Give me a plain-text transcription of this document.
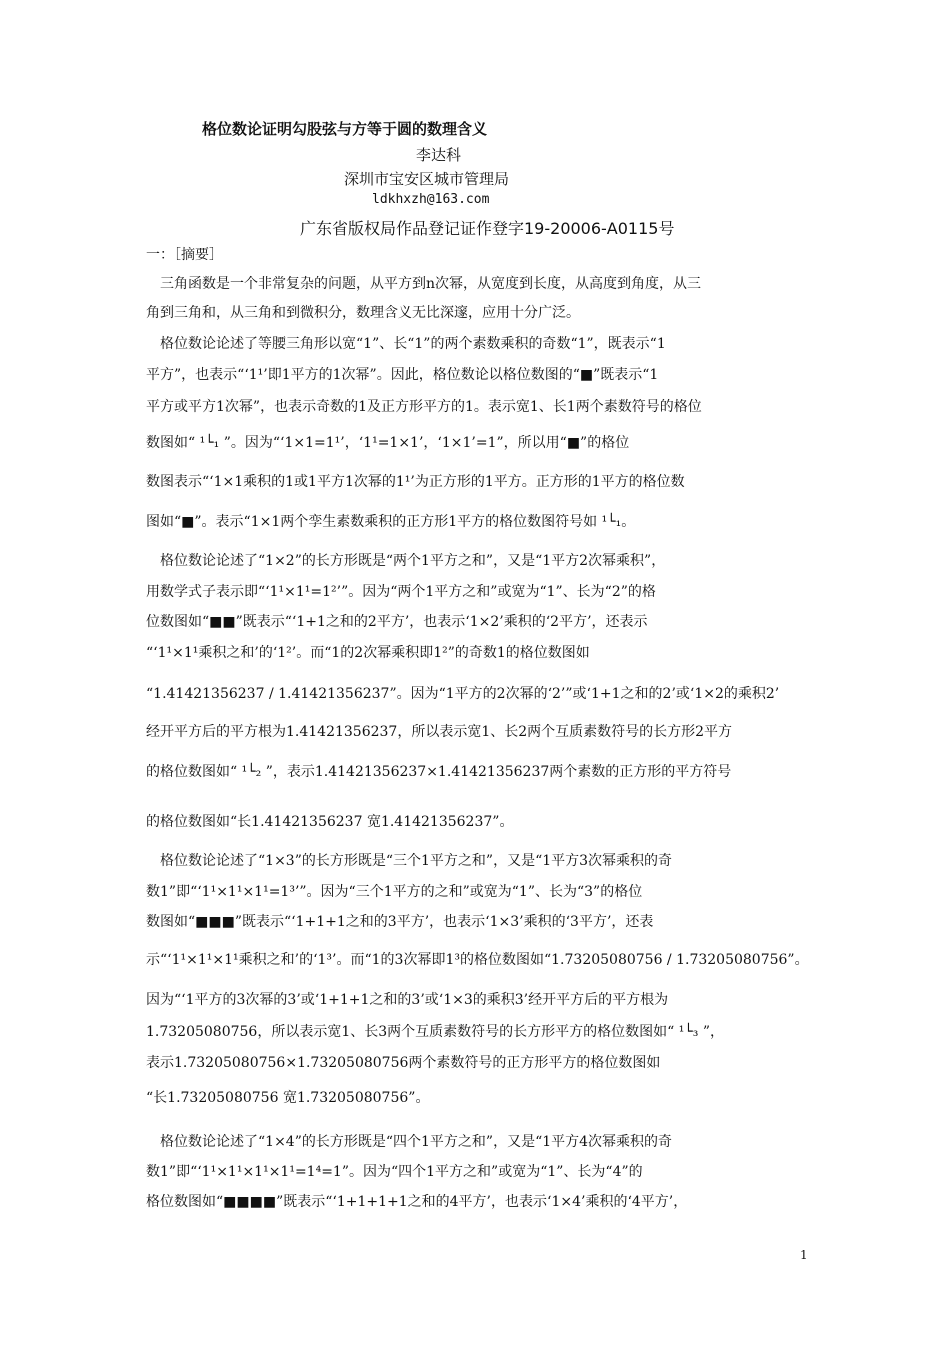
格位数论证明勾股弦与方等于圆的数理含义
李达科
深圳市宝安区城市管理局
ldkhxzh@163.com
广东省版权局作品登记证作登字19-20006-A0115号
一：［摘要］
三角函数是一个非常复杂的问题，从平方到n次幂，从宽度到长度，从高度到角度，从三
角到三角和，从三角和到微积分，数理含义无比深邃，应用十分广泛。
格位数论论述了等腰三角形以宽“1”、长“1”的两个素数乘积的奇数“1”，既表示“1
平方”，也表示“‘1¹’即1平方的1次幂”。因此，格位数论以格位数图的“■”既表示“1
平方或平方1次幂”，也表示奇数的1及正方形平方的1。表示宽1、长1两个素数符号的格位
数图如“ ¹└₁ ”。因为“‘1×1=1¹’，‘1¹=1×1’，‘1×1’=1”，所以用“■”的格位
数图表示“‘1×1乘积的1或1平方1次幂的1¹’为正方形的1平方。正方形的1平方的格位数
图如“■”。表示“1×1两个孪生素数乘积的正方形1平方的格位数图符号如 ¹└₁。
格位数论论述了“1×2”的长方形既是“两个1平方之和”，又是“1平方2次幂乘积”，
用数学式子表示即“‘1¹×1¹=1²’”。因为“两个1平方之和”或宽为“1”、长为“2”的格
位数图如“■■”既表示“‘1+1之和的2平方’，也表示‘1×2’乘积的‘2平方’，还表示
“‘1¹×1¹乘积之和’的‘1²’。而“1的2次幂乘积即1²”的奇数1的格位数图如
“1.41421356237 / 1.41421356237”。因为“1平方的2次幂的‘2’”或‘1+1之和的2’或‘1×2的乘积2’
经开平方后的平方根为1.41421356237，所以表示宽1、长2两个互质素数符号的长方形2平方
的格位数图如“ ¹└₂ ”，表示1.41421356237×1.41421356237两个素数的正方形的平方符号
的格位数图如“长1.41421356237 宽1.41421356237”。
格位数论论述了“1×3”的长方形既是“三个1平方之和”，又是“1平方3次幂乘积的奇
数1”即“‘1¹×1¹×1¹=1³’”。因为“三个1平方的之和”或宽为“1”、长为“3”的格位
数图如“■■■”既表示“‘1+1+1之和的3平方’，也表示‘1×3’乘积的‘3平方’，还表
示“‘1¹×1¹×1¹乘积之和’的‘1³’。而“1的3次幂即1³的格位数图如“1.73205080756 / 1.73205080756”。
因为“‘1平方的3次幂的3’或‘1+1+1之和的3’或‘1×3的乘积3’经开平方后的平方根为
1.73205080756，所以表示宽1、长3两个互质素数符号的长方形平方的格位数图如“ ¹└₃ ”，
表示1.73205080756×1.73205080756两个素数符号的正方形平方的格位数图如
“长1.73205080756 宽1.73205080756”。
格位数论论述了“1×4”的长方形既是“四个1平方之和”，又是“1平方4次幂乘积的奇
数1”即“‘1¹×1¹×1¹×1¹=1⁴=1”。因为“四个1平方之和”或宽为“1”、长为“4”的
格位数图如“■■■■”既表示“‘1+1+1+1之和的4平方’，也表示‘1×4’乘积的‘4平方’，
1
